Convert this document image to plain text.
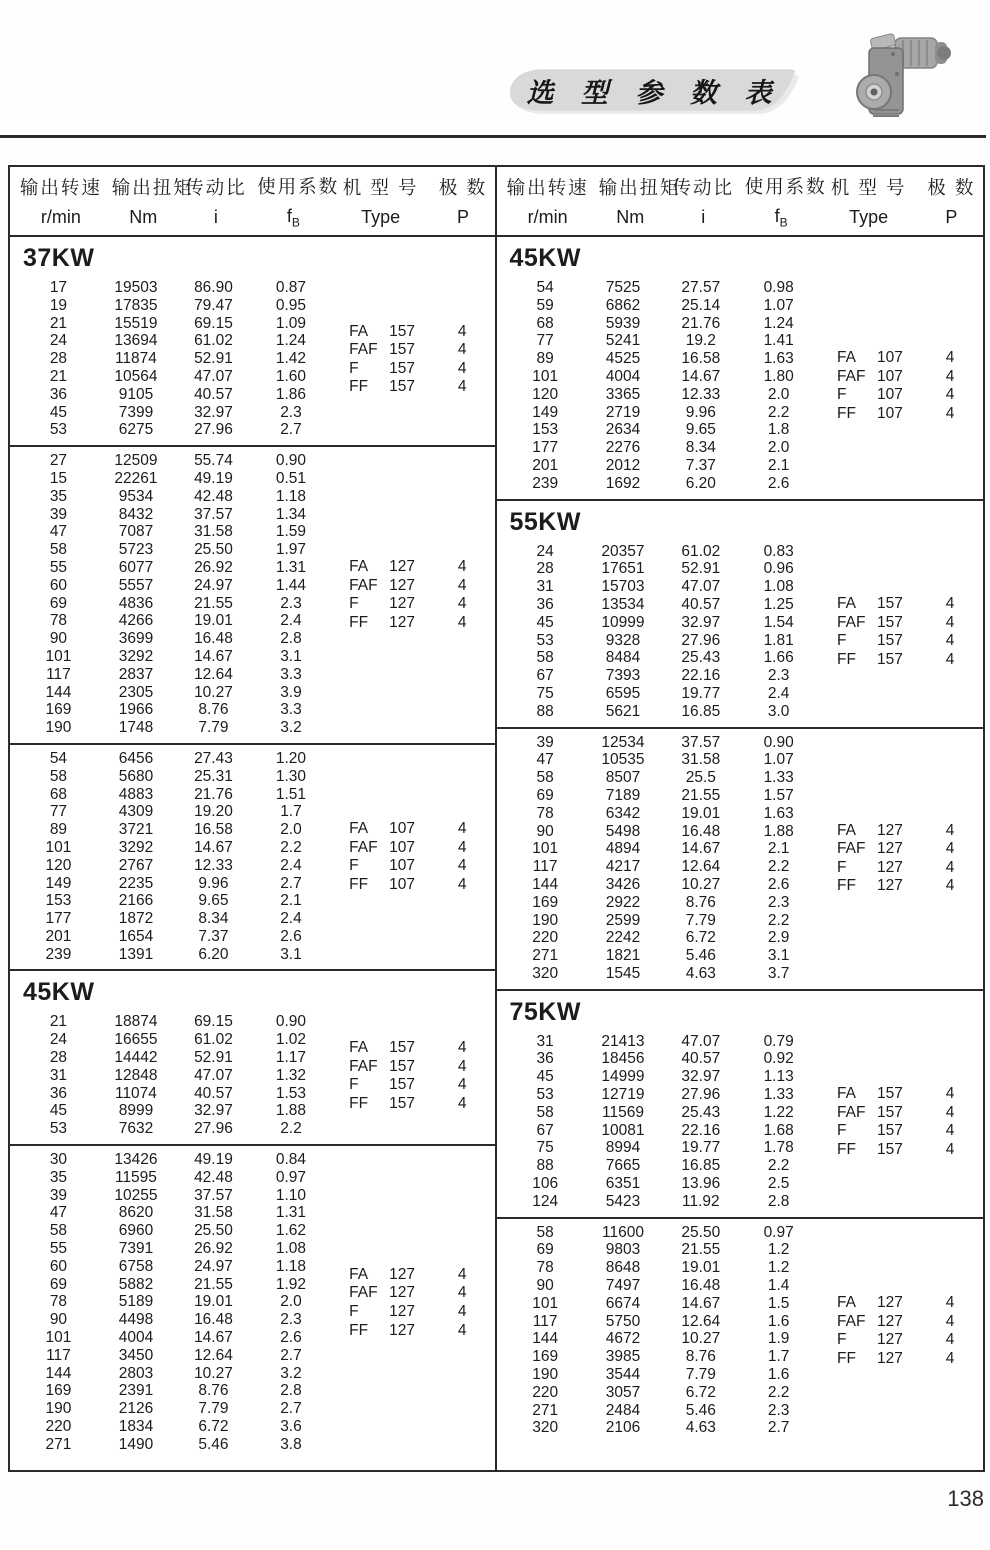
选 型 参 数 表
输出转速
r/min
输出扭矩
Nm
传动比
i
使用系数
$f_B$
机 型 号
Type
极 数
P
37KW
17	19503 86.90	0.87
19	17835 79.47	0.95
21	15519 69.15	1.09
24	13694 61.02	1.24
28	11874 52.91	1.42
21	10564 47.07	1.60
36	9105	40.57	1.86
45	7399	32.97	2.3
53	6275	27.96	2.7
FA	157	4
FAF 157	4
F	157	4
FF	157	4
27	12509 55.74	0.90
15	22261 49.19	0.51
35	9534	42.48	1.18
39	8432	37.57	1.34
47	7087	31.58	1.59
58	5723	25.50	1.97
55	6077	26.92	1.31
60	5557	24.97	1.44
69	4836	21.55	2.3
78	4266	19.01	2.4
90	3699	16.48	2.8
101	3292	14.67	3.1
117	2837	12.64	3.3
144	2305	10.27	3.9
169	1966	8.76	3.3
190	1748	7.79	3.2
FA	127	4
FAF 127	4
F	127	4
FF	127	4
54	6456	27.43	1.20
58	5680	25.31	1.30
68	4883	21.76	1.51
77	4309	19.20	1.7
89	3721	16.58	2.0
101	3292	14.67	2.2
120	2767	12.33	2.4
149	2235	9.96	2.7
153	2166	9.65	2.1
177	1872	8.34	2.4
201	1654	7.37	2.6
239	1391	6.20	3.1
FA	107	4
FAF 107	4
F	107	4
FF	107	4
45KW
21	18874 69.15	0.90
24	16655 61.02	1.02
28	14442 52.91	1.17
31	12848 47.07	1.32
36	11074 40.57	1.53
45	8999	32.97	1.88
53	7632	27.96	2.2
FA	157	4
FAF 157	4
F	157	4
FF	157	4
30	13426 49.19	0.84
35	11595 42.48	0.97
39	10255 37.57	1.10
47	8620	31.58	1.31
58	6960	25.50	1.62
55	7391	26.92	1.08
60	6758	24.97	1.18
69	5882	21.55	1.92
78	5189	19.01	2.0
90	4498	16.48	2.3
101	4004	14.67	2.6
117	3450	12.64	2.7
144	2803	10.27	3.2
169	2391	8.76	2.8
190	2126	7.79	2.7
220	1834	6.72	3.6
271	1490	5.46	3.8
FA	127	4
FAF 127	4
F	127	4
FF	127	4
输出转速
r/min
输出扭矩
Nm
传动比
i
使用系数
$f_B$
机 型 号
Type
极 数
P
45KW
54	7525	27.57	0.98
59	6862	25.14	1.07
68	5939	21.76	1.24
77	5241	19.2	1.41
89	4525	16.58	1.63
101	4004	14.67	1.80
120	3365	12.33	2.0
149	2719	9.96	2.2
153	2634	9.65	1.8
177	2276	8.34	2.0
201	2012	7.37	2.1
239	1692	6.20	2.6
FA	107	4
FAF 107	4
F	107	4
FF	107	4
55KW
24	20357 61.02	0.83
28	17651 52.91	0.96
31	15703 47.07	1.08
36	13534 40.57	1.25
45	10999 32.97	1.54
53	9328	27.96	1.81
58	8484	25.43	1.66
67	7393	22.16	2.3
75	6595	19.77	2.4
88	5621	16.85	3.0
FA	157	4
FAF 157	4
F	157	4
FF	157	4
39	12534 37.57	0.90
47	10535 31.58	1.07
58	8507	25.5	1.33
69	7189	21.55	1.57
78	6342	19.01	1.63
90	5498	16.48	1.88
101	4894	14.67	2.1
117	4217	12.64	2.2
144	3426	10.27	2.6
169	2922	8.76	2.3
190	2599	7.79	2.2
220	2242	6.72	2.9
271	1821	5.46	3.1
320	1545	4.63	3.7
FA	127	4
FAF 127	4
F	127	4
FF	127	4
75KW
31	21413 47.07	0.79
36	18456 40.57	0.92
45	14999 32.97	1.13
53	12719 27.96	1.33
58	11569 25.43	1.22
67	10081 22.16	1.68
75	8994	19.77	1.78
88	7665	16.85	2.2
106	6351	13.96	2.5
124	5423	11.92	2.8
FA	157	4
FAF 157	4
F	157	4
FF	157	4
58	11600 25.50	0.97
69	9803	21.55	1.2
78	8648	19.01	1.2
90	7497	16.48	1.4
101	6674	14.67	1.5
117	5750	12.64	1.6
144	4672	10.27	1.9
169	3985	8.76	1.7
190	3544	7.79	1.6
220	3057	6.72	2.2
271	2484	5.46	2.3
320	2106	4.63	2.7
FA	127	4
FAF 127	4
F	127	4
FF	127	4
138
